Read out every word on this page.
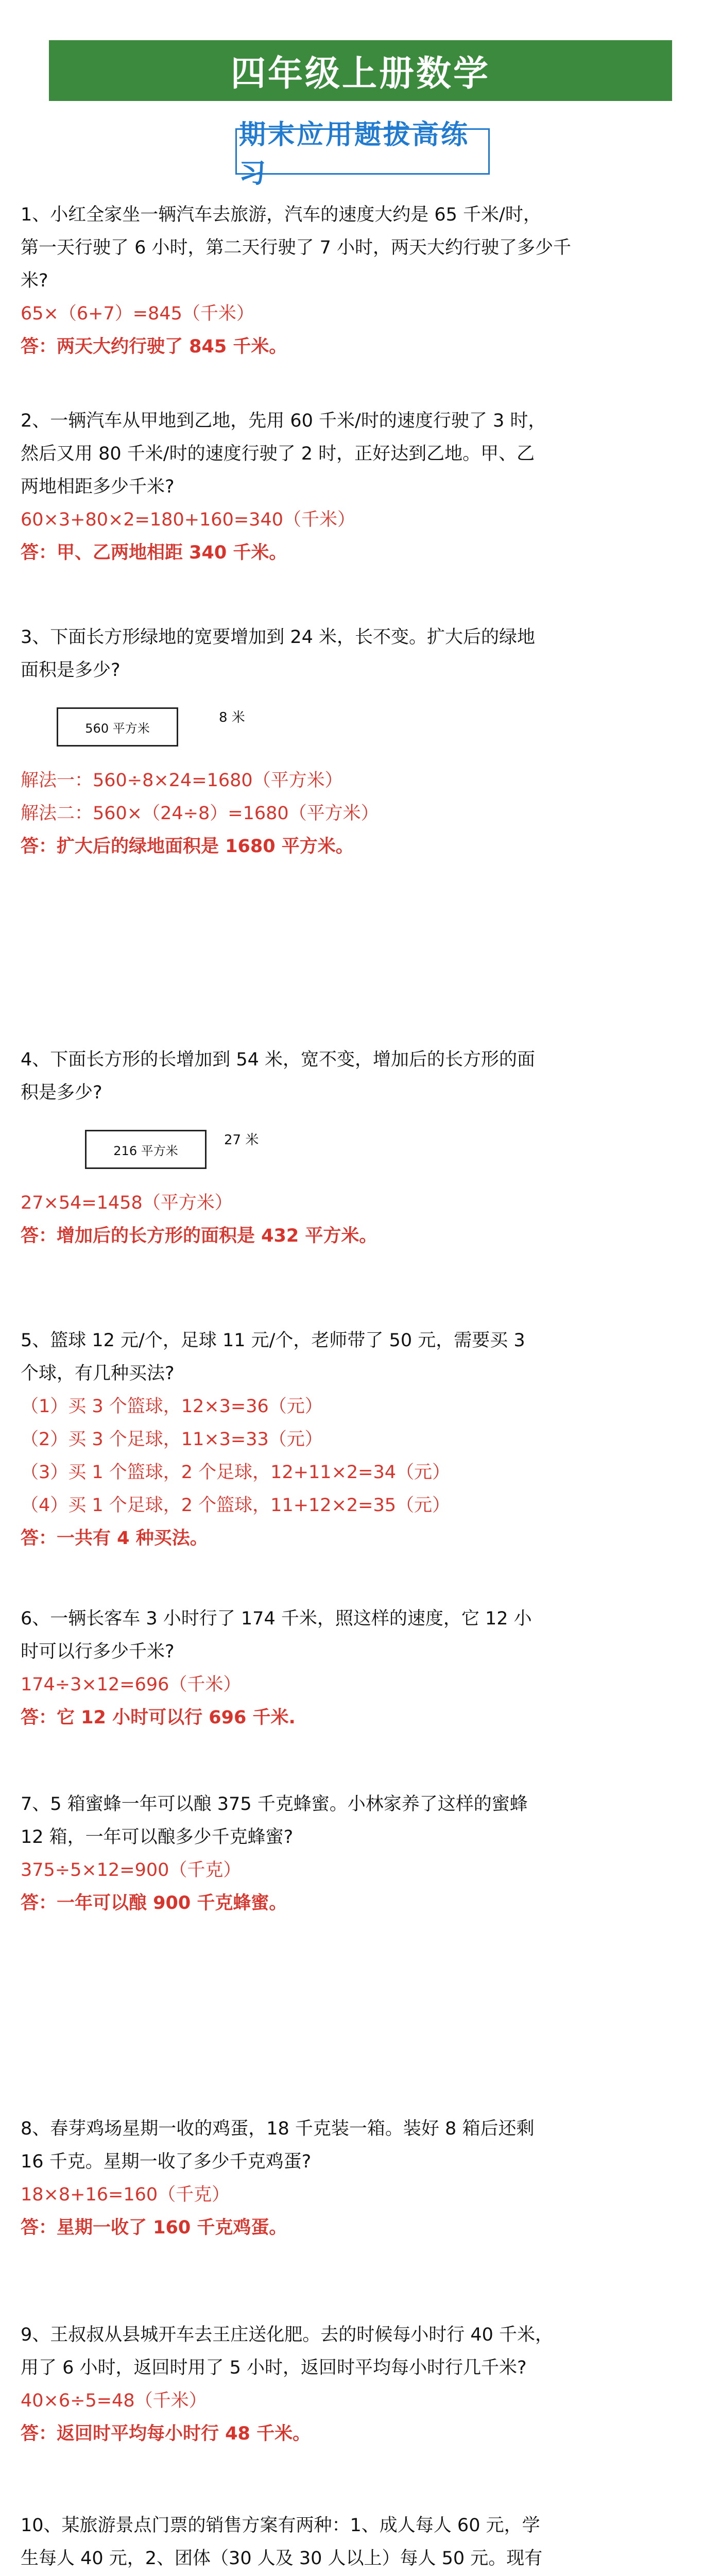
四年级上册数学
期末应用题拔高练习
1、小红全家坐一辆汽车去旅游，汽车的速度大约是 65 千米/时，
第一天行驶了 6 小时，第二天行驶了 7 小时，两天大约行驶了多少千
米?
65×（6+7）=845（千米）
答：两天大约行驶了 845 千米。
2、一辆汽车从甲地到乙地，先用 60 千米/时的速度行驶了 3 时，
然后又用 80 千米/时的速度行驶了 2 时，正好达到乙地。甲、乙
两地相距多少千米?
60×3+80×2=180+160=340（千米）
答：甲、乙两地相距 340 千米。
3、下面长方形绿地的宽要增加到 24 米，长不变。扩大后的绿地
面积是多少?
560 平方米
8 米
解法一：560÷8×24=1680（平方米）
解法二：560×（24÷8）=1680（平方米）
答：扩大后的绿地面积是 1680 平方米。
4、下面长方形的长增加到 54 米，宽不变，增加后的长方形的面
积是多少?
216 平方米
27 米
27×54=1458（平方米）
答：增加后的长方形的面积是 432 平方米。
5、篮球 12 元/个，足球 11 元/个，老师带了 50 元，需要买 3
个球，有几种买法?
（1）买 3 个篮球，12×3=36（元）
（2）买 3 个足球，11×3=33（元）
（3）买 1 个篮球，2 个足球，12+11×2=34（元）
（4）买 1 个足球，2 个篮球，11+12×2=35（元）
答：一共有 4 种买法。
6、一辆长客车 3 小时行了 174 千米，照这样的速度，它 12 小
时可以行多少千米?
174÷3×12=696（千米）
答：它 12 小时可以行 696 千米.
7、5 箱蜜蜂一年可以酿 375 千克蜂蜜。小林家养了这样的蜜蜂
12 箱，一年可以酿多少千克蜂蜜?
375÷5×12=900（千克）
答：一年可以酿 900 千克蜂蜜。
8、春芽鸡场星期一收的鸡蛋，18 千克装一箱。装好 8 箱后还剩
16 千克。星期一收了多少千克鸡蛋?
18×8+16=160（千克）
答：星期一收了 160 千克鸡蛋。
9、王叔叔从县城开车去王庄送化肥。去的时候每小时行 40 千米，
用了 6 小时，返回时用了 5 小时，返回时平均每小时行几千米?
40×6÷5=48（千米）
答：返回时平均每小时行 48 千米。
10、某旅游景点门票的销售方案有两种：1、成人每人 60 元，学
生每人 40 元，2、团体（30 人及 30 人以上）每人 50 元。现有
